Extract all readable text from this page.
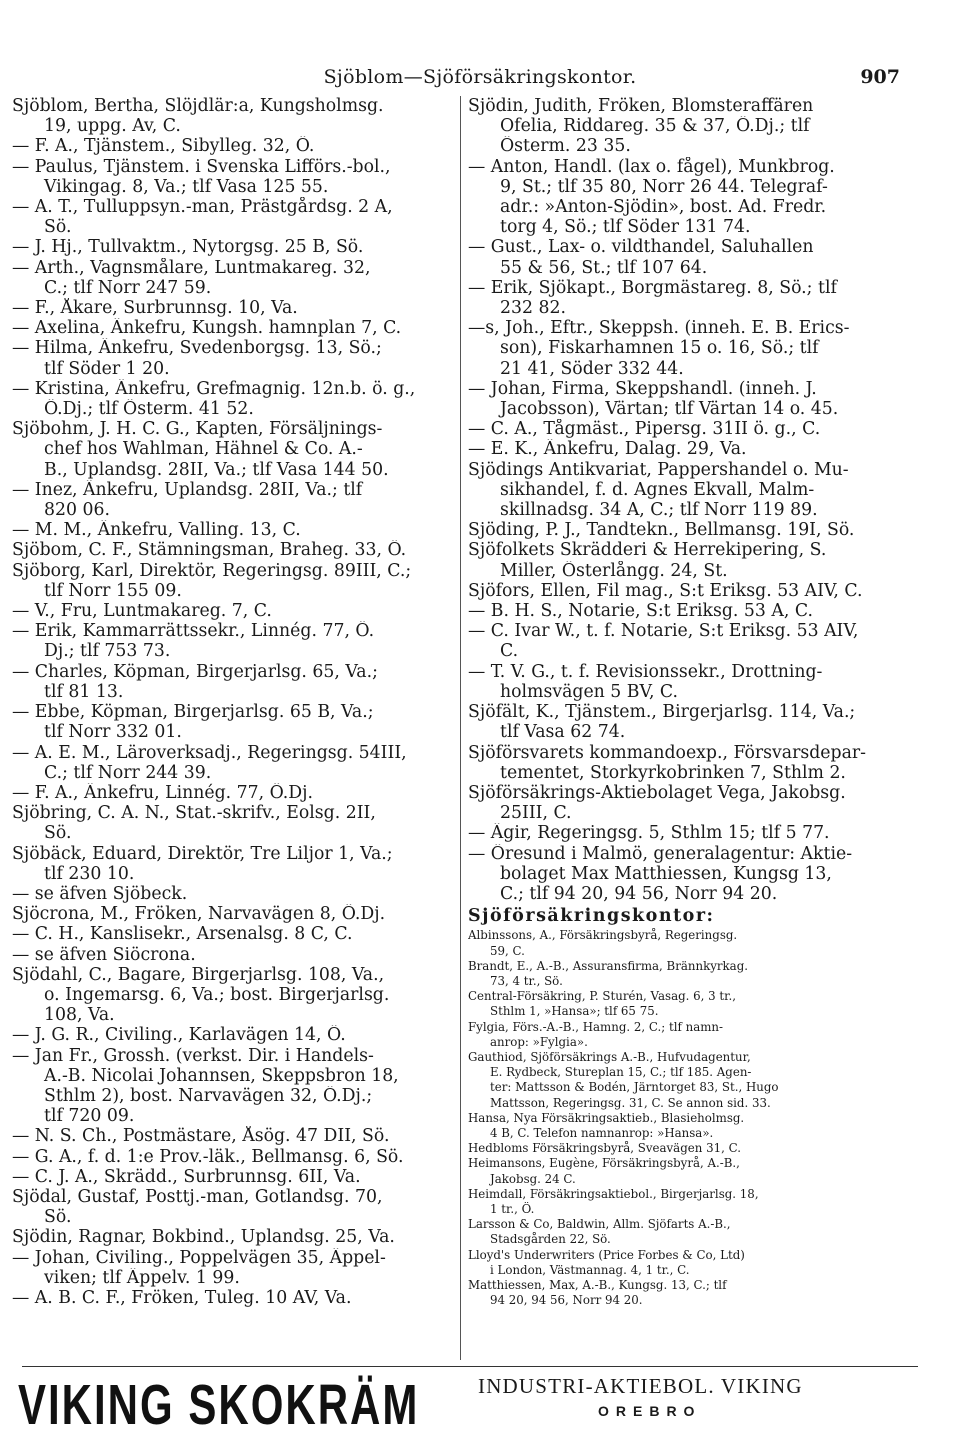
Sjöblom—Sjöförsäkringskontor.	907
Sjöblom, Bertha, Slöjdlär:a, Kungsholmsg.
19, uppg. Av, C.
— F. A., Tjänstem., Sibylleg. 32, Ö.
— Paulus, Tjänstem. i Svenska Lifförs.-bol.,
Vikingag. 8, Va.; tlf Vasa 125 55.
— A. T., Tulluppsyn.-man, Prästgårdsg. 2 A,
Sö.
— J. Hj., Tullvaktm., Nytorgsg. 25 B, Sö.
— Arth., Vagnsmålare, Luntmakareg. 32,
C.; tlf Norr 247 59.
— F., Åkare, Surbrunnsg. 10, Va.
— Axelina, Änkefru, Kungsh. hamnplan 7, C.
— Hilma, Änkefru, Svedenborgsg. 13, Sö.;
tlf Söder 1 20.
— Kristina, Änkefru, Grefmagnig. 12n.b. ö. g.,
Ö.Dj.; tlf Österm. 41 52.
Sjöbohm, J. H. C. G., Kapten, Försäljnings-
chef hos Wahlman, Hähnel & Co. A.-
B., Uplandsg. 28II, Va.; tlf Vasa 144 50.
— Inez, Änkefru, Uplandsg. 28II, Va.; tlf
820 06.
— M. M., Änkefru, Valling. 13, C.
Sjöbom, C. F., Stämningsman, Braheg. 33, Ö.
Sjöborg, Karl, Direktör, Regeringsg. 89III, C.;
tlf Norr 155 09.
— V., Fru, Luntmakareg. 7, C.
— Erik, Kammarrättssekr., Linnég. 77, Ö.
Dj.; tlf 753 73.
— Charles, Köpman, Birgerjarlsg. 65, Va.;
tlf 81 13.
— Ebbe, Köpman, Birgerjarlsg. 65 B, Va.;
tlf Norr 332 01.
— A. E. M., Läroverksadj., Regeringsg. 54III,
C.; tlf Norr 244 39.
— F. A., Änkefru, Linnég. 77, Ö.Dj.
Sjöbring, C. A. N., Stat.-skrifv., Eolsg. 2II,
Sö.
Sjöbäck, Eduard, Direktör, Tre Liljor 1, Va.;
tlf 230 10.
— se äfven Sjöbeck.
Sjöcrona, M., Fröken, Narvavägen 8, Ö.Dj.
— C. H., Kanslisekr., Arsenalsg. 8 C, C.
— se äfven Siöcrona.
Sjödahl, C., Bagare, Birgerjarlsg. 108, Va.,
o. Ingemarsg. 6, Va.; bost. Birgerjarlsg.
108, Va.
— J. G. R., Civiling., Karlavägen 14, Ö.
— Jan Fr., Grossh. (verkst. Dir. i Handels-
A.-B. Nicolai Johannsen, Skeppsbron 18,
Sthlm 2), bost. Narvavägen 32, Ö.Dj.;
tlf 720 09.
— N. S. Ch., Postmästare, Åsög. 47 DII, Sö.
— G. A., f. d. 1:e Prov.-läk., Bellmansg. 6, Sö.
— C. J. A., Skrädd., Surbrunnsg. 6II, Va.
Sjödal, Gustaf, Posttj.-man, Gotlandsg. 70,
Sö.
Sjödin, Ragnar, Bokbind., Uplandsg. 25, Va.
— Johan, Civiling., Poppelvägen 35, Äppel-
viken; tlf Äppelv. 1 99.
— A. B. C. F., Fröken, Tuleg. 10 AV, Va.
Sjödin, Judith, Fröken, Blomsteraffären
Ofelia, Riddareg. 35 & 37, Ö.Dj.; tlf
Österm. 23 35.
— Anton, Handl. (lax o. fågel), Munkbrog.
9, St.; tlf 35 80, Norr 26 44. Telegraf-
adr.: »Anton-Sjödin», bost. Ad. Fredr.
torg 4, Sö.; tlf Söder 131 74.
— Gust., Lax- o. vildthandel, Saluhallen
55 & 56, St.; tlf 107 64.
— Erik, Sjökapt., Borgmästareg. 8, Sö.; tlf
232 82.
—s, Joh., Eftr., Skeppsh. (inneh. E. B. Erics-
son), Fiskarhamnen 15 o. 16, Sö.; tlf
21 41, Söder 332 44.
— Johan, Firma, Skeppshandl. (inneh. J.
Jacobsson), Värtan; tlf Värtan 14 o. 45.
— C. A., Tågmäst., Pipersg. 31II ö. g., C.
— E. K., Änkefru, Dalag. 29, Va.
Sjödings Antikvariat, Pappershandel o. Mu-
sikhandel, f. d. Agnes Ekvall, Malm-
skillnadsg. 34 A, C.; tlf Norr 119 89.
Sjöding, P. J., Tandtekn., Bellmansg. 19I, Sö.
Sjöfolkets Skrädderi & Herrekipering, S.
Miller, Österlångg. 24, St.
Sjöfors, Ellen, Fil mag., S:t Eriksg. 53 AIV, C.
— B. H. S., Notarie, S:t Eriksg. 53 A, C.
— C. Ivar W., t. f. Notarie, S:t Eriksg. 53 AIV,
C.
— T. V. G., t. f. Revisionssekr., Drottning-
holmsvägen 5 BV, C.
Sjöfält, K., Tjänstem., Birgerjarlsg. 114, Va.;
tlf Vasa 62 74.
Sjöförsvarets kommandoexp., Försvarsdepar-
tementet, Storkyrkobrinken 7, Sthlm 2.
Sjöförsäkrings-Aktiebolaget Vega, Jakobsg.
25III, C.
— Ägir, Regeringsg. 5, Sthlm 15; tlf 5 77.
— Öresund i Malmö, generalagentur: Aktie-
bolaget Max Matthiessen, Kungsg 13,
C.; tlf 94 20, 94 56, Norr 94 20.
Sjöförsäkringskontor:
Albinssons, A., Försäkringsbyrå, Regeringsg.
59, C.
Brandt, E., A.-B., Assuransfirma, Brännkyrkag.
73, 4 tr., Sö.
Central-Försäkring, P. Sturén, Vasag. 6, 3 tr.,
Sthlm 1, »Hansa»; tlf 65 75.
Fylgia, Förs.-A.-B., Hamng. 2, C.; tlf namn-
anrop: »Fylgia».
Gauthiod, Sjöförsäkrings A.-B., Hufvudagentur,
E. Rydbeck, Stureplan 15, C.; tlf 185. Agen-
ter: Mattsson & Bodén, Järntorget 83, St., Hugo
Mattsson, Regeringsg. 31, C. Se annon sid. 33.
Hansa, Nya Försäkringsaktieb., Blasieholmsg.
4 B, C. Telefon namnanrop: »Hansa».
Hedbloms Försäkringsbyrå, Sveavägen 31, C.
Heimansons, Eugène, Försäkringsbyrå, A.-B.,
Jakobsg. 24 C.
Heimdall, Försäkringsaktiebol., Birgerjarlsg. 18,
1 tr., Ö.
Larsson & Co, Baldwin, Allm. Sjöfarts A.-B.,
Stadsgården 22, Sö.
Lloyd's Underwriters (Price Forbes & Co, Ltd)
i London, Västmannag. 4, 1 tr., C.
Matthiessen, Max, A.-B., Kungsg. 13, C.; tlf
94 20, 94 56, Norr 94 20.
VIKING SKOKRÄM	INDUSTRI-AKTIEBOL. VIKING
OREBRO
